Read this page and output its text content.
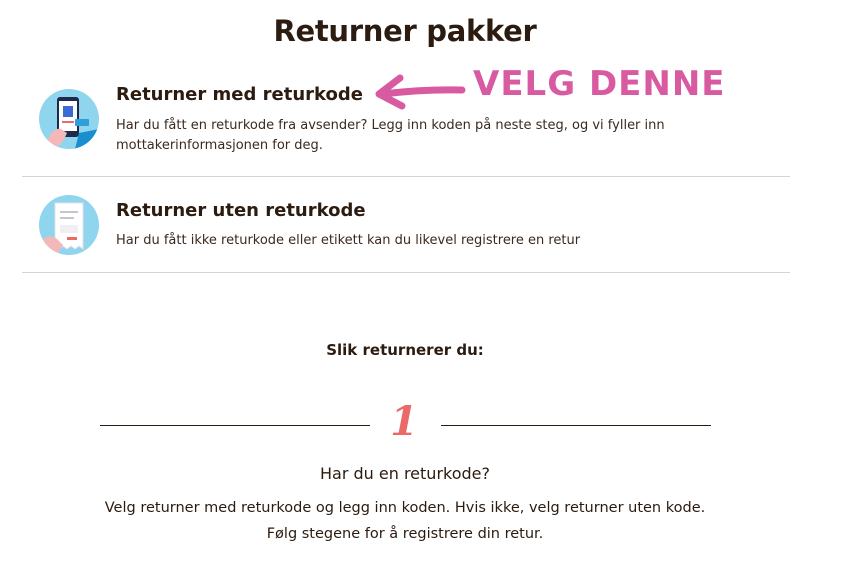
Returner pakker
Returner med returkode
Har du fått en returkode fra avsender? Legg inn koden på neste steg, og vi fyller inn mottakerinformasjonen for deg.
Returner uten returkode
Har du fått ikke returkode eller etikett kan du likevel registrere en retur
VELG DENNE
Slik returnerer du:
1
Har du en returkode?
Velg returner med returkode og legg inn koden. Hvis ikke, velg returner uten kode.
Følg stegene for å registrere din retur.
